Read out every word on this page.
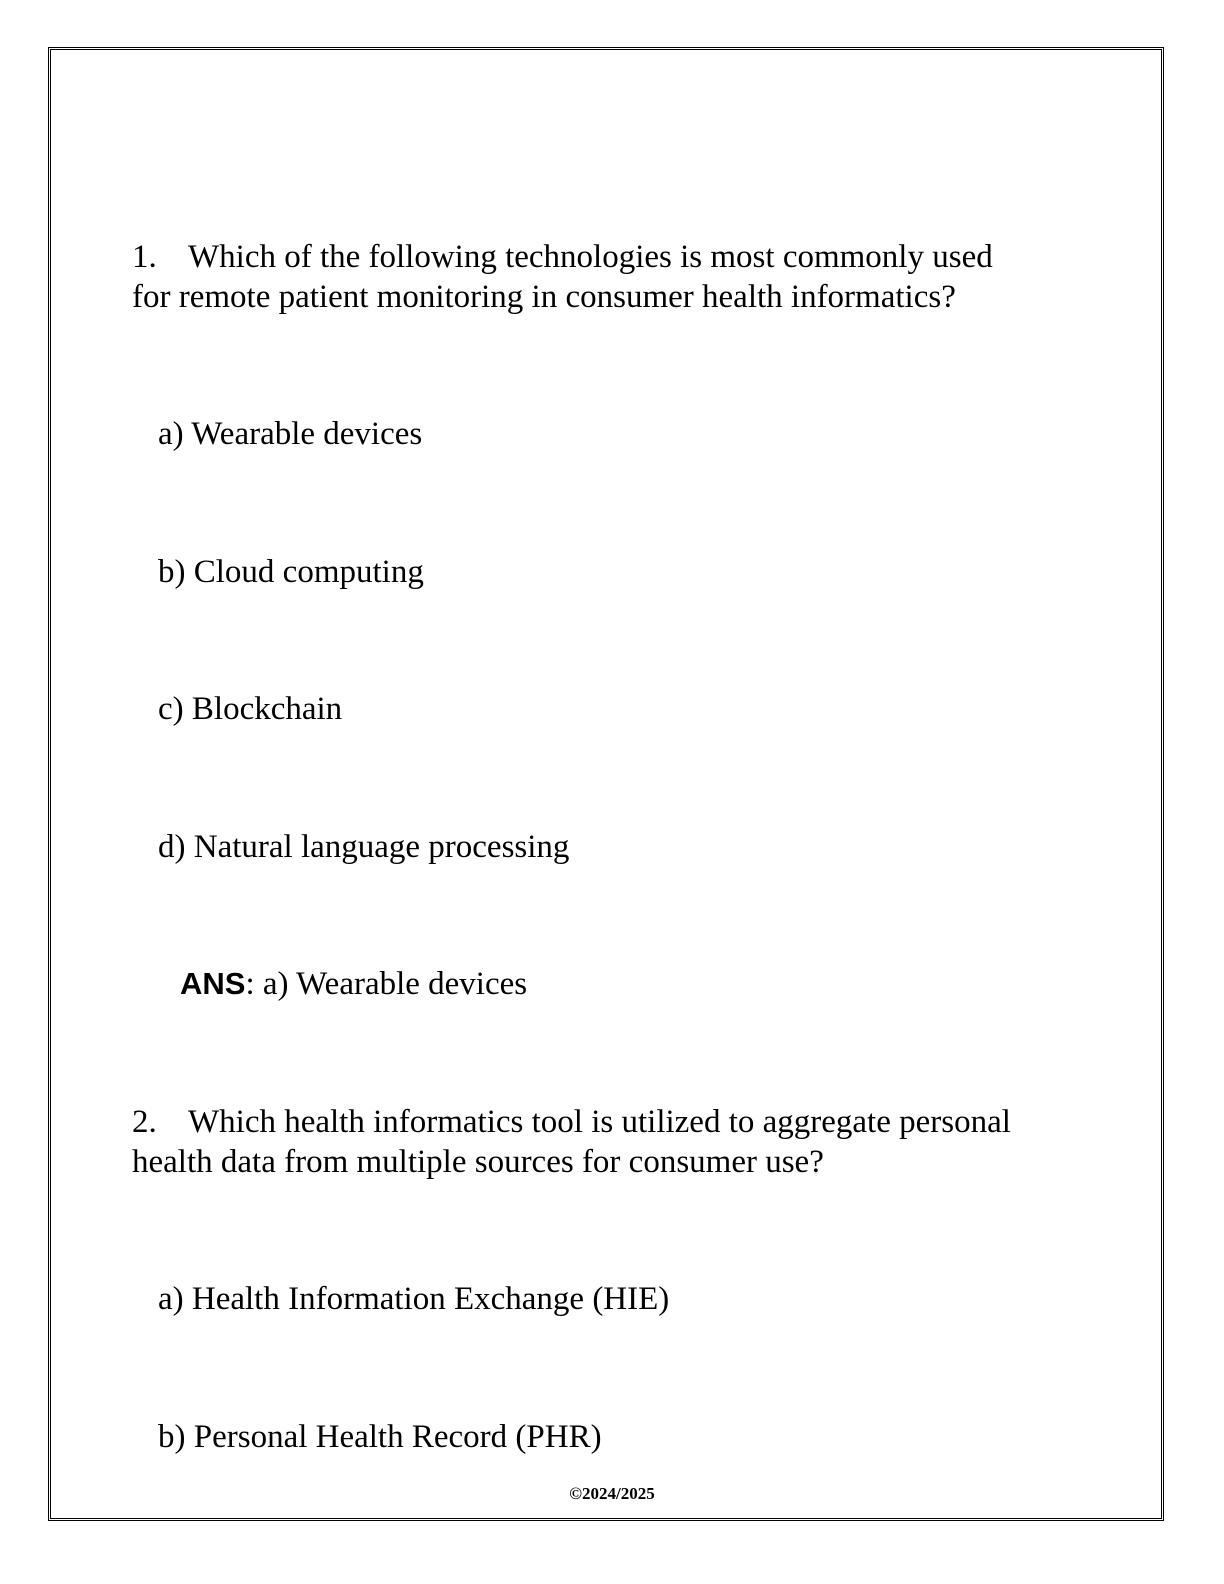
1. Which of the following technologies is most commonly used
for remote patient monitoring in consumer health informatics?
a) Wearable devices
b) Cloud computing
c) Blockchain
d) Natural language processing
ANS: a) Wearable devices
2. Which health informatics tool is utilized to aggregate personal
health data from multiple sources for consumer use?
a) Health Information Exchange (HIE)
b) Personal Health Record (PHR)
©2024/2025
